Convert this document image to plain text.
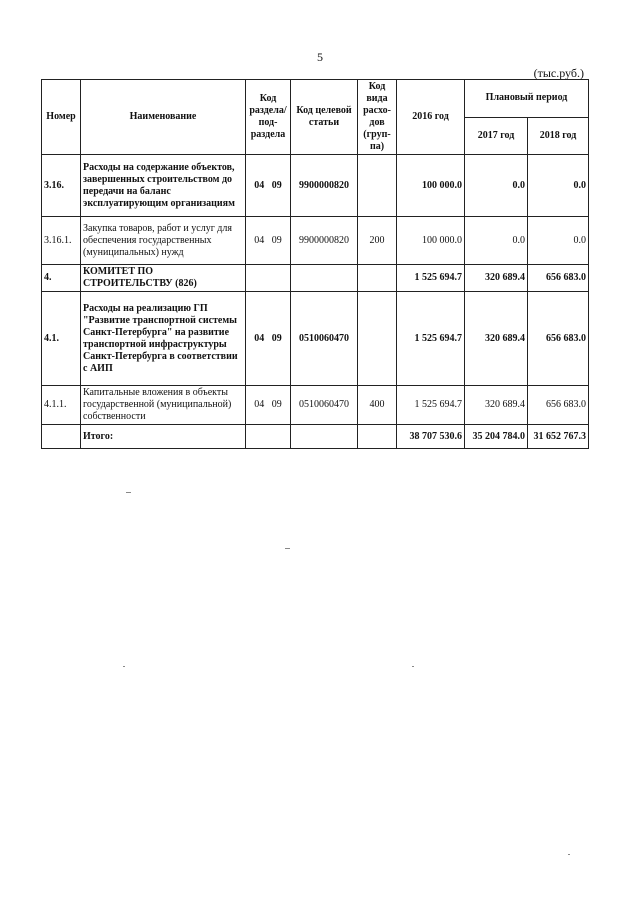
5
(тыс.руб.)
Номер	Наименование	Код раздела/ под-раздела	Код целевой статьи	Код вида расхо-дов (груп-па)	2016 год	Плановый период	
						2017 год	2018 год
3.16.	Расходы на содержание объектов, завершенных строительством до передачи на баланс эксплуатирующим организациям	04 09	9900000820		100 000.0	0.0	0.0
3.16.1.	Закупка товаров, работ и услуг для обеспечения государственных (муниципальных) нужд	04 09	9900000820	200	100 000.0	0.0	0.0
4.	КОМИТЕТ ПО СТРОИТЕЛЬСТВУ (826)				1 525 694.7	320 689.4	656 683.0
4.1.	Расходы на реализацию ГП "Развитие транспортной системы Санкт-Петербурга" на развитие транспортной инфраструктуры Санкт-Петербурга в соответствии с АИП	04 09	0510060470		1 525 694.7	320 689.4	656 683.0
4.1.1.	Капитальные вложения в объекты государственной (муниципальной) собственности	04 09	0510060470	400	1 525 694.7	320 689.4	656 683.0
	Итого:				38 707 530.6	35 204 784.0	31 652 767.3
